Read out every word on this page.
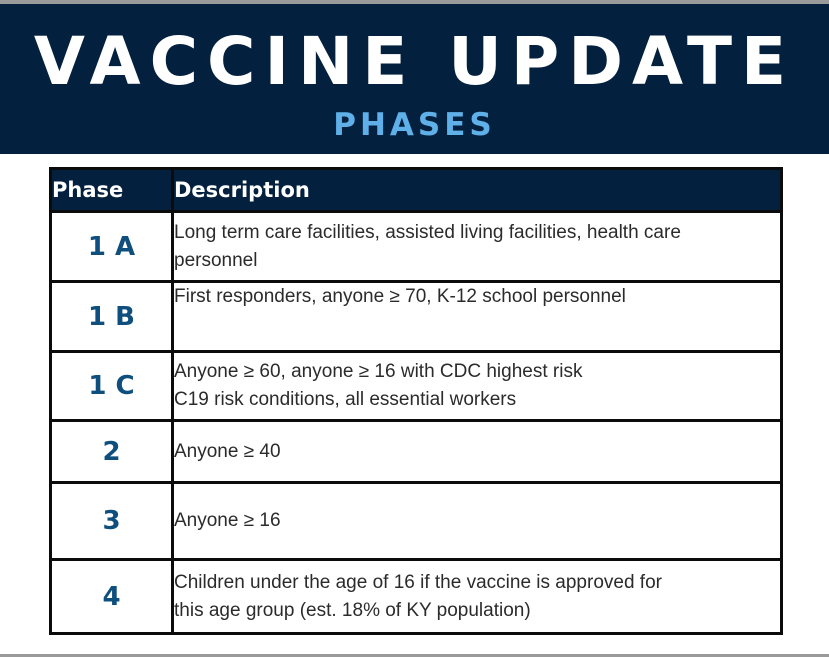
VACCINE UPDATE
PHASES
Phase	Description
1 A	Long term care facilities, assisted living facilities, health care
personnel

1 B	First responders, anyone ≥ 70, K-12 school personnel

1 C	Anyone ≥ 60, anyone ≥ 16 with CDC highest risk
C19 risk conditions, all essential workers

2	Anyone ≥ 40

3	Anyone ≥ 16

4	Children under the age of 16 if the vaccine is approved for
this age group (est. 18% of KY population)
